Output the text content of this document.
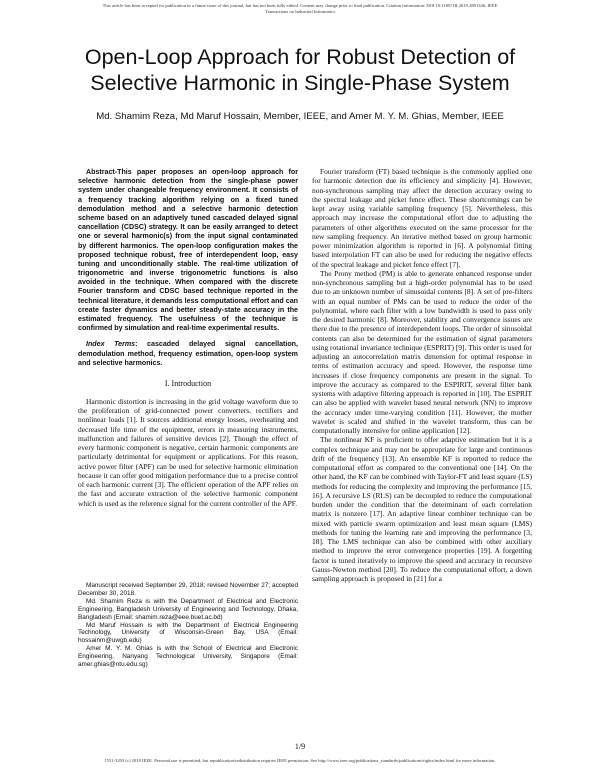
This article has been accepted for publication in a future issue of this journal, but has not been fully edited. Content may change prior to final publication. Citation information: DOI 10.1109/TII.2019.2891346, IEEE
Transactions on Industrial Informatics
Open-Loop Approach for Robust Detection of Selective Harmonic in Single-Phase System
Md. Shamim Reza, Md Maruf Hossain, Member, IEEE, and Amer M. Y. M. Ghias, Member, IEEE

Abstract-This paper proposes an open-loop approach for selective harmonic detection from the single-phase power system under changeable frequency environment. It consists of a frequency tracking algorithm relying on a fixed tuned demodulation method and a selective harmonic detection scheme based on an adaptively tuned cascaded delayed signal cancellation (CDSC) strategy. It can be easily arranged to detect one or several harmonic(s) from the input signal contaminated by different harmonics. The open-loop configuration makes the proposed technique robust, free of interdependent loop, easy tuning and unconditionally stable. The real-time utilization of trigonometric and inverse trigonometric functions is also avoided in the technique. When compared with the discrete Fourier transform and CDSC based technique reported in the technical literature, it demands less computational effort and can create faster dynamics and better steady-state accuracy in the estimated frequency. The usefulness of the technique is confirmed by simulation and real-time experimental results.

Index Terms: cascaded delayed signal cancellation, demodulation method, frequency estimation, open-loop system and selective harmonics.

I. Introduction

Harmonic distortion is increasing in the grid voltage waveform due to the proliferation of grid-connected power converters, rectifiers and nonlinear loads [1]. It sources additional energy losses, overheating and decreased life time of the equipment, errors in measuring instruments, malfunction and failures of sensitive devices [2]. Though the effect of every harmonic component is negative, certain harmonic components are particularly detrimental for equipment or applications. For this reason, active power filter (APF) can be used for selective harmonic elimination because it can offer good mitigation performance due to a precise control of each harmonic current [3]. The efficient operation of the APF relies on the fast and accurate extraction of the selective harmonic component which is used as the reference signal for the current controller of the APF.

Manuscript received September 29, 2018; revised November 27; accepted December 30, 2018.

Md. Shamim Reza is with the Department of Electrical and Electronic Engineering, Bangladesh University of Engineering and Technology, Dhaka, Bangladesh (Email: shamim.reza@eee.buet.ac.bd)

Md Maruf Hossain is with the Department of Electrical Engineering Technology, University of Wisconsin-Green Bay, USA (Email: hossainm@uwgb.edu)

Amer M. Y. M. Ghias is with the School of Electrical and Electronic Engineering, Nanyang Technological University, Singapore (Email: amer.ghias@ntu.edu.sg)

Fourier transform (FT) based technique is the commonly applied one for harmonic detection due its efficiency and simplicity [4]. However, non-synchronous sampling may affect the detection accuracy owing to the spectral leakage and picket fence effect. These shortcomings can be kept away using variable sampling frequency [5]. Nevertheless, this approach may increase the computational effort due to adjusting the parameters of other algorithms executed on the same processor for the new sampling frequency. An iterative method based on group harmonic power minimization algorithm is reported in [6]. A polynomial fitting based interpolation FT can also be used for reducing the negative effects of the spectral leakage and picket fence effect [7].

The Prony method (PM) is able to generate enhanced response under non-synchronous sampling but a high-order polynomial has to be used due to an unknown number of sinusoidal contents [8]. A set of pre-filters with an equal number of PMs can be used to reduce the order of the polynomial, where each filter with a low bandwidth is used to pass only the desired harmonic [8]. Moreover, stability and convergence issues are there due to the presence of interdependent loops. The order of sinusoidal contents can also be determined for the estimation of signal parameters using rotational invariance technique (ESPRIT) [9]. This order is used for adjusting an autocorrelation matrix dimension for optimal response in terms of estimation accuracy and speed. However, the response time increases if close frequency components are present in the signal. To improve the accuracy as compared to the ESPIRIT, several filter bank systems with adaptive filtering approach is reported in [10]. The ESPRIT can also be applied with wavelet based neural network (NN) to improve the accuracy under time-varying condition [11]. However, the mother wavelet is scaled and shifted in the wavelet transform, thus can be computationally intensive for online application [12].

The nonlinear KF is proficient to offer adaptive estimation but it is a complex technique and may not be appropriate for large and continuous drift of the frequency [13]. An ensemble KF is reported to reduce the computational effort as compared to the conventional one [14]. On the other hand, the KF can be combined with Taylor-FT and least square (LS) methods for reducing the complexity and improving the performance [15, 16]. A recursive LS (RLS) can be decoupled to reduce the computational burden under the condition that the determinant of each correlation matrix is nonzero [17]. An adaptive linear combiner technique can be mixed with particle swarm optimization and least mean square (LMS) methods for tuning the learning rate and improving the performance [3, 18]. The LMS technique can also be combined with other auxiliary method to improve the error convergence properties [19]. A forgetting factor is tuned iteratively to improve the speed and accuracy in recursive Gauss-Newton method [20]. To reduce the computational effort, a down sampling approach is proposed in [21] for a

1/9
1551-3203 (c) 2018 IEEE. Personal use is permitted, but republication/redistribution requires IEEE permission. See http://www.ieee.org/publications_standards/publications/rights/index.html for more information.
